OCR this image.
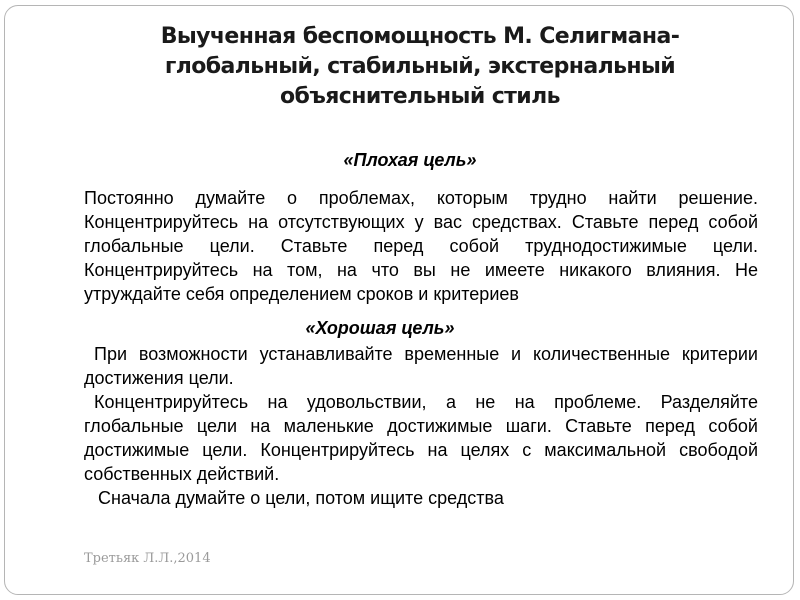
Выученная беспомощность М. Селигмана-
глобальный, стабильный, экстернальный
объяснительный стиль
«Плохая цель»

Постоянно думайте о проблемах, которым трудно найти решение. Концентрируйтесь на отсутствующих у вас средствах. Ставьте перед собой глобальные цели. Ставьте перед собой труднодостижимые цели. Концентрируйтесь на том, на что вы не имеете никакого влияния. Не утруждайте себя определением сроков и критериев

«Хорошая цель»

При возможности устанавливайте временные и количественные критерии достижения цели.

Концентрируйтесь на удовольствии, а не на проблеме. Разделяйте глобальные цели на маленькие достижимые шаги. Ставьте перед собой достижимые цели. Концентрируйтесь на целях с максимальной свободой собственных действий.

Сначала думайте о цели, потом ищите средства

Третьяк Л.Л.,2014
